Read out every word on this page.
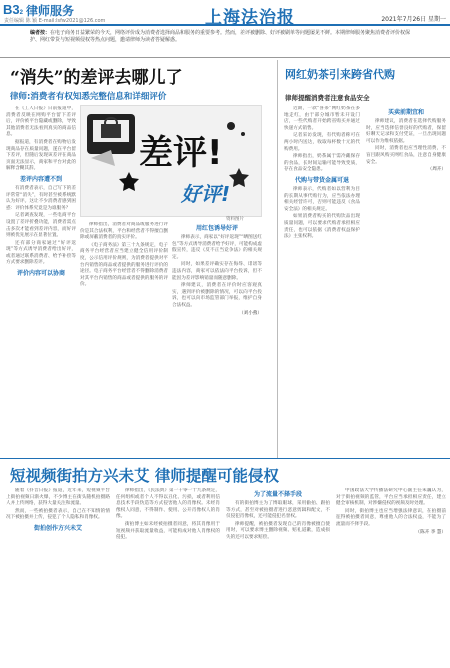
B32 律师服务
责任编辑 陈 颖 E-mail:lsfw2021@126.com	上海法治报	2021年7月26日 星期一
编者按：在电子商务日益繁荣的今天，网络评价成为消费者选择商品和服务的重要参考。然而，差评被删除、好评被刷单等问题屡见不鲜。本期律师服务聚焦消费者评价权保护、网红带货与短视频侵权等热点问题，邀请律师为读者答疑解惑。
“消失”的差评去哪儿了
律师:消费者有权知悉完整信息和详细评价
差评!
好评!
资料图片

在《工人日报》日前报道中，消费者反映在网购平台留下差评后，评价被平台隐藏或删除，导致其他消费者无法看到真实的商品信息。

据报道，有消费者在购物后发现商品存在质量问题，遂在平台留下差评，但随后发现该差评在商品页面无法显示，商家和平台对此的解释含糊其辞。

差评内容遭不到

有消费者表示，自己写下的差评常常“消失”，有时甚至被系统默认为好评。这让不少消费者感到困惑：评价体系究竟是为谁服务？

记者调查发现，一些电商平台设置了差评折叠功能，消费者需点击多次才能看到差评内容，而好评则被优先展示在显著位置。

还有部分商家通过“好评返现”等方式诱导消费者给出好评，或者通过联系消费者、给予补偿等方式要求删除差评。

评价内容可以协商

律师指出，消费者对商品或服务进行评价是其合法权利，平台和经营者不得擅自删除或屏蔽消费者的真实评价。

《电子商务法》第三十九条规定，电子商务平台经营者应当建立健全信用评价制度，公示信用评价规则，为消费者提供对平台内销售的商品或者提供的服务进行评价的途径。电子商务平台经营者不得删除消费者对其平台内销售的商品或者提供的服务的评价。

用红包诱导好评

律师表示，商家以“好评返现”“晒图送红包”等方式诱导消费者给予好评，可能构成虚假宣传，违反《反不正当竞争法》的相关规定。

同时，如果差评确实存在侮辱、诽谤等违法内容，商家可以依法向平台投诉，但不能因为差评影响销量而随意删除。

律师建议，消费者在评价时应客观真实，遇到评价被删除的情况，可以向平台投诉，也可以向市场监管部门举报，维护自身合法权益。

（刘小燕）

网红奶茶引来跨省代购
律师提醒消费者注意食品安全

近期，一款“喜茶”网红奶茶在多地走红，由于部分城市暂未开设门店，一些代购者开始跨省购买并通过快递方式销售。

记者采访发现，有代购者称可在两小时内送达，收取每杯数十元的代购费用。

律师指出，奶茶属于需冷藏保存的食品，长时间运输可能导致变质，存在食品安全隐患。

代购与带货金属可退

律师表示，代购者如以营利为目的长期从事代购行为，应当依法办理相关经营许可，否则可能违反《食品安全法》的相关规定。

如果消费者购买的代购饮品出现质量问题，可以要求代购者承担相应责任，也可以依据《消费者权益保护法》主张权利。

买卖前期宜和

律师建议，消费者在选择代购服务时，应当选择信誉良好的代购者，保留好聊天记录和支付凭证，一旦出现问题可以作为维权依据。

同时，消费者也应当理性消费，不盲目跟风购买网红食品，注意自身健康安全。

（周卉）

短视频街拍方兴未艾 律师提醒可能侵权

随着《抖音日报》报道，近年来，短视频平台上街拍视频日渐火爆，不少博主在街头随机拍摄路人并上传网络，获得大量关注和流量。

然而，一些被拍摄者表示，自己在不知情的情况下被拍摄并上传，侵犯了个人隐私和肖像权。

街拍创作方兴未艾

律师指出，《民法典》第一千零一十九条规定，任何组织或者个人不得以丑化、污损，或者利用信息技术手段伪造等方式侵害他人的肖像权。未经肖像权人同意，不得制作、使用、公开肖像权人的肖像。

街拍博主如未经被拍摄者同意，将其肖像用于短视频并获取流量收益，可能构成对他人肖像权的侵犯。

为了流量不择手段

有的街拍博主为了博取眼球，采用偷拍、跟拍等方式，甚至对被拍摄者进行恶意剪辑和配文，不仅侵犯肖像权，还可能侵犯名誉权。

律师提醒，被拍摄者发现自己的肖像被擅自使用时，可以要求博主删除视频、赔礼道歉，造成损失的还可以要求赔偿。

中国政法大学传播法研究中心副主任朱巍认为，对于街拍视频的监管，平台应当承担相应责任，建立健全审核机制，对涉嫌侵权的视频及时处理。

同时，街拍博主也应当增强法律意识，在拍摄前征得被拍摄者同意，尊重他人的合法权益，不能为了流量而不择手段。

（陈卉 李 慧）
